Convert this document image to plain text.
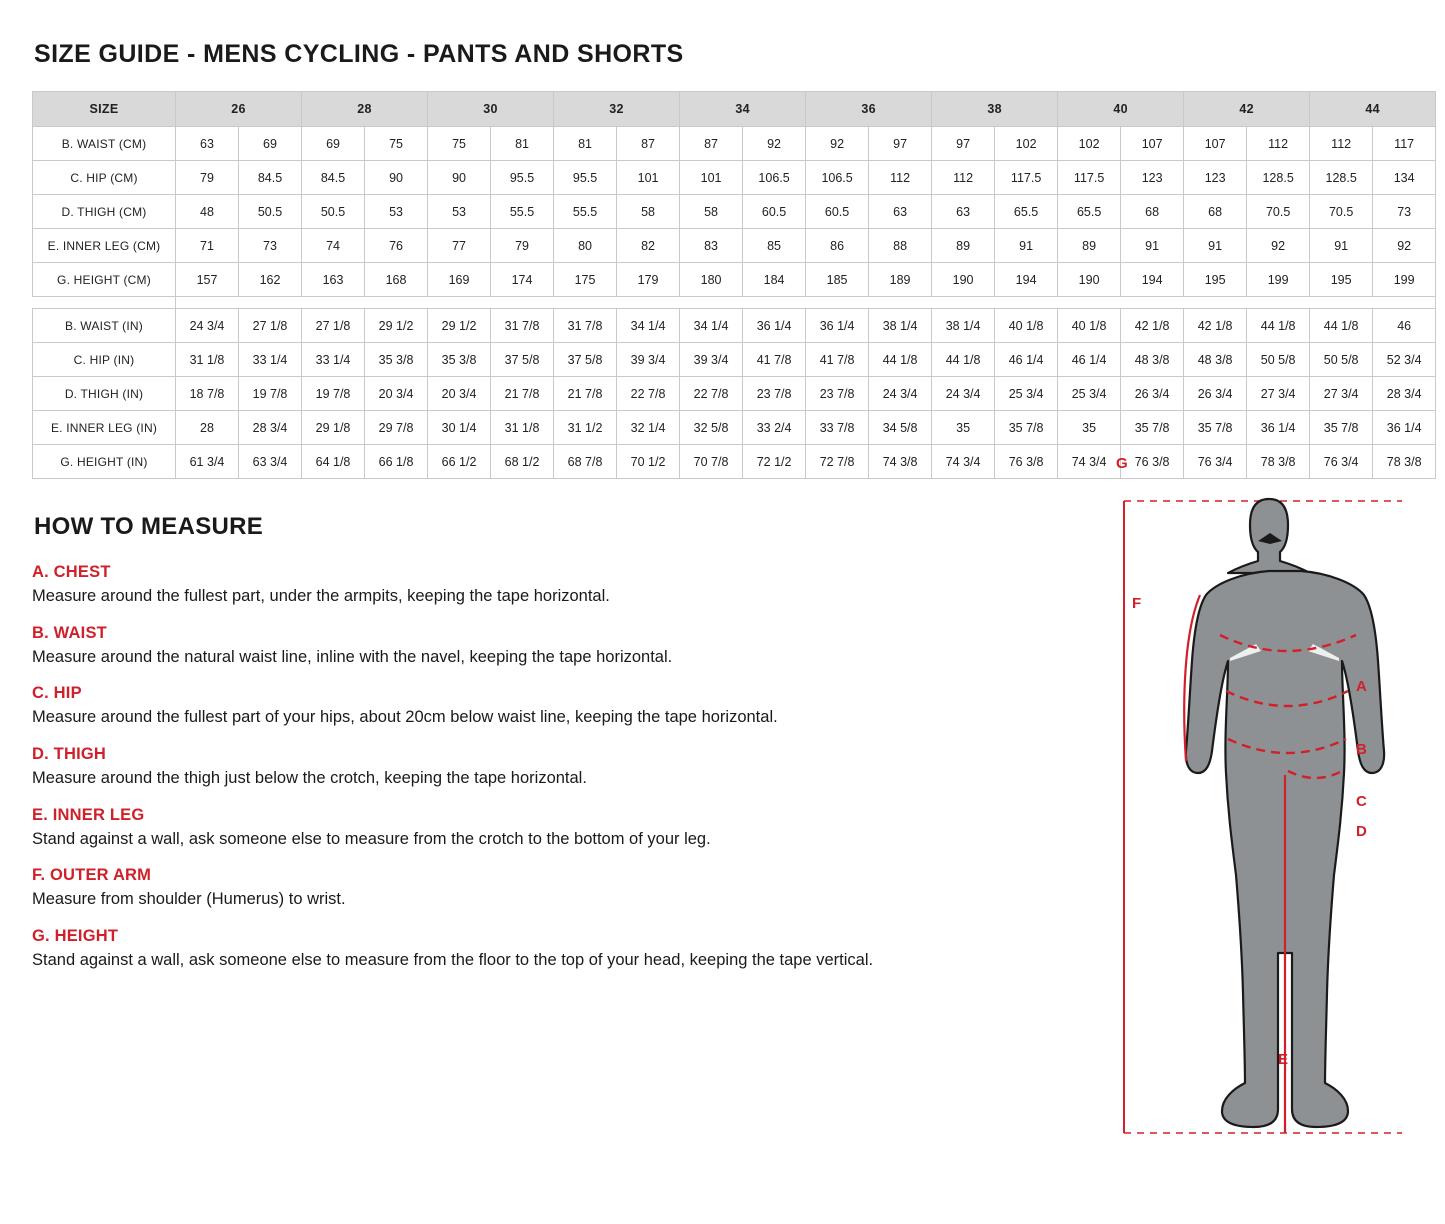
SIZE GUIDE - MENS CYCLING - PANTS AND SHORTS
SIZE	26		28		30		32		34		36		38		40		42		44	
B. WAIST (CM)	63	69	69	75	75	81	81	87	87	92	92	97	97	102	102	107	107	112	112	117
C. HIP (CM)	79	84.5	84.5	90	90	95.5	95.5	101	101	106.5	106.5	112	112	117.5	117.5	123	123	128.5	128.5	134
D. THIGH (CM)	48	50.5	50.5	53	53	55.5	55.5	58	58	60.5	60.5	63	63	65.5	65.5	68	68	70.5	70.5	73
E. INNER LEG (CM)	71	73	74	76	77	79	80	82	83	85	86	88	89	91	89	91	91	92	91	92
G. HEIGHT (CM)	157	162	163	168	169	174	175	179	180	184	185	189	190	194	190	194	195	199	195	199

B. WAIST (IN)	24 3/4	27 1/8	27 1/8	29 1/2	29 1/2	31 7/8	31 7/8	34 1/4	34 1/4	36 1/4	36 1/4	38 1/4	38 1/4	40 1/8	40 1/8	42 1/8	42 1/8	44 1/8	44 1/8	46
C. HIP (IN)	31 1/8	33 1/4	33 1/4	35 3/8	35 3/8	37 5/8	37 5/8	39 3/4	39 3/4	41 7/8	41 7/8	44 1/8	44 1/8	46 1/4	46 1/4	48 3/8	48 3/8	50 5/8	50 5/8	52 3/4
D. THIGH (IN)	18 7/8	19 7/8	19 7/8	20 3/4	20 3/4	21 7/8	21 7/8	22 7/8	22 7/8	23 7/8	23 7/8	24 3/4	24 3/4	25 3/4	25 3/4	26 3/4	26 3/4	27 3/4	27 3/4	28 3/4
E. INNER LEG (IN)	28	28 3/4	29 1/8	29 7/8	30 1/4	31 1/8	31 1/2	32 1/4	32 5/8	33 2/4	33 7/8	34 5/8	35	35 7/8	35	35 7/8	35 7/8	36 1/4	35 7/8	36 1/4
G. HEIGHT (IN)	61 3/4	63 3/4	64 1/8	66 1/8	66 1/2	68 1/2	68 7/8	70 1/2	70 7/8	72 1/2	72 7/8	74 3/8	74 3/4	76 3/8	74 3/4	76 3/8	76 3/4	78 3/8	76 3/4	78 3/8
HOW TO MEASURE
A. CHEST
Measure around the fullest part, under the armpits, keeping the tape horizontal.
B. WAIST
Measure around the natural waist line, inline with the navel, keeping the tape horizontal.
C. HIP
Measure around the fullest part of your hips, about 20cm below waist line, keeping the tape horizontal.
D. THIGH
Measure around the thigh just below the crotch, keeping the tape horizontal.
E. INNER LEG
Stand against a wall, ask someone else to measure from the crotch to the bottom of your leg.
F. OUTER ARM
Measure from shoulder (Humerus) to wrist.
G. HEIGHT
Stand against a wall, ask someone else to measure from the floor to the top of your head, keeping the tape vertical.
G
F
A
B
C
D
E
